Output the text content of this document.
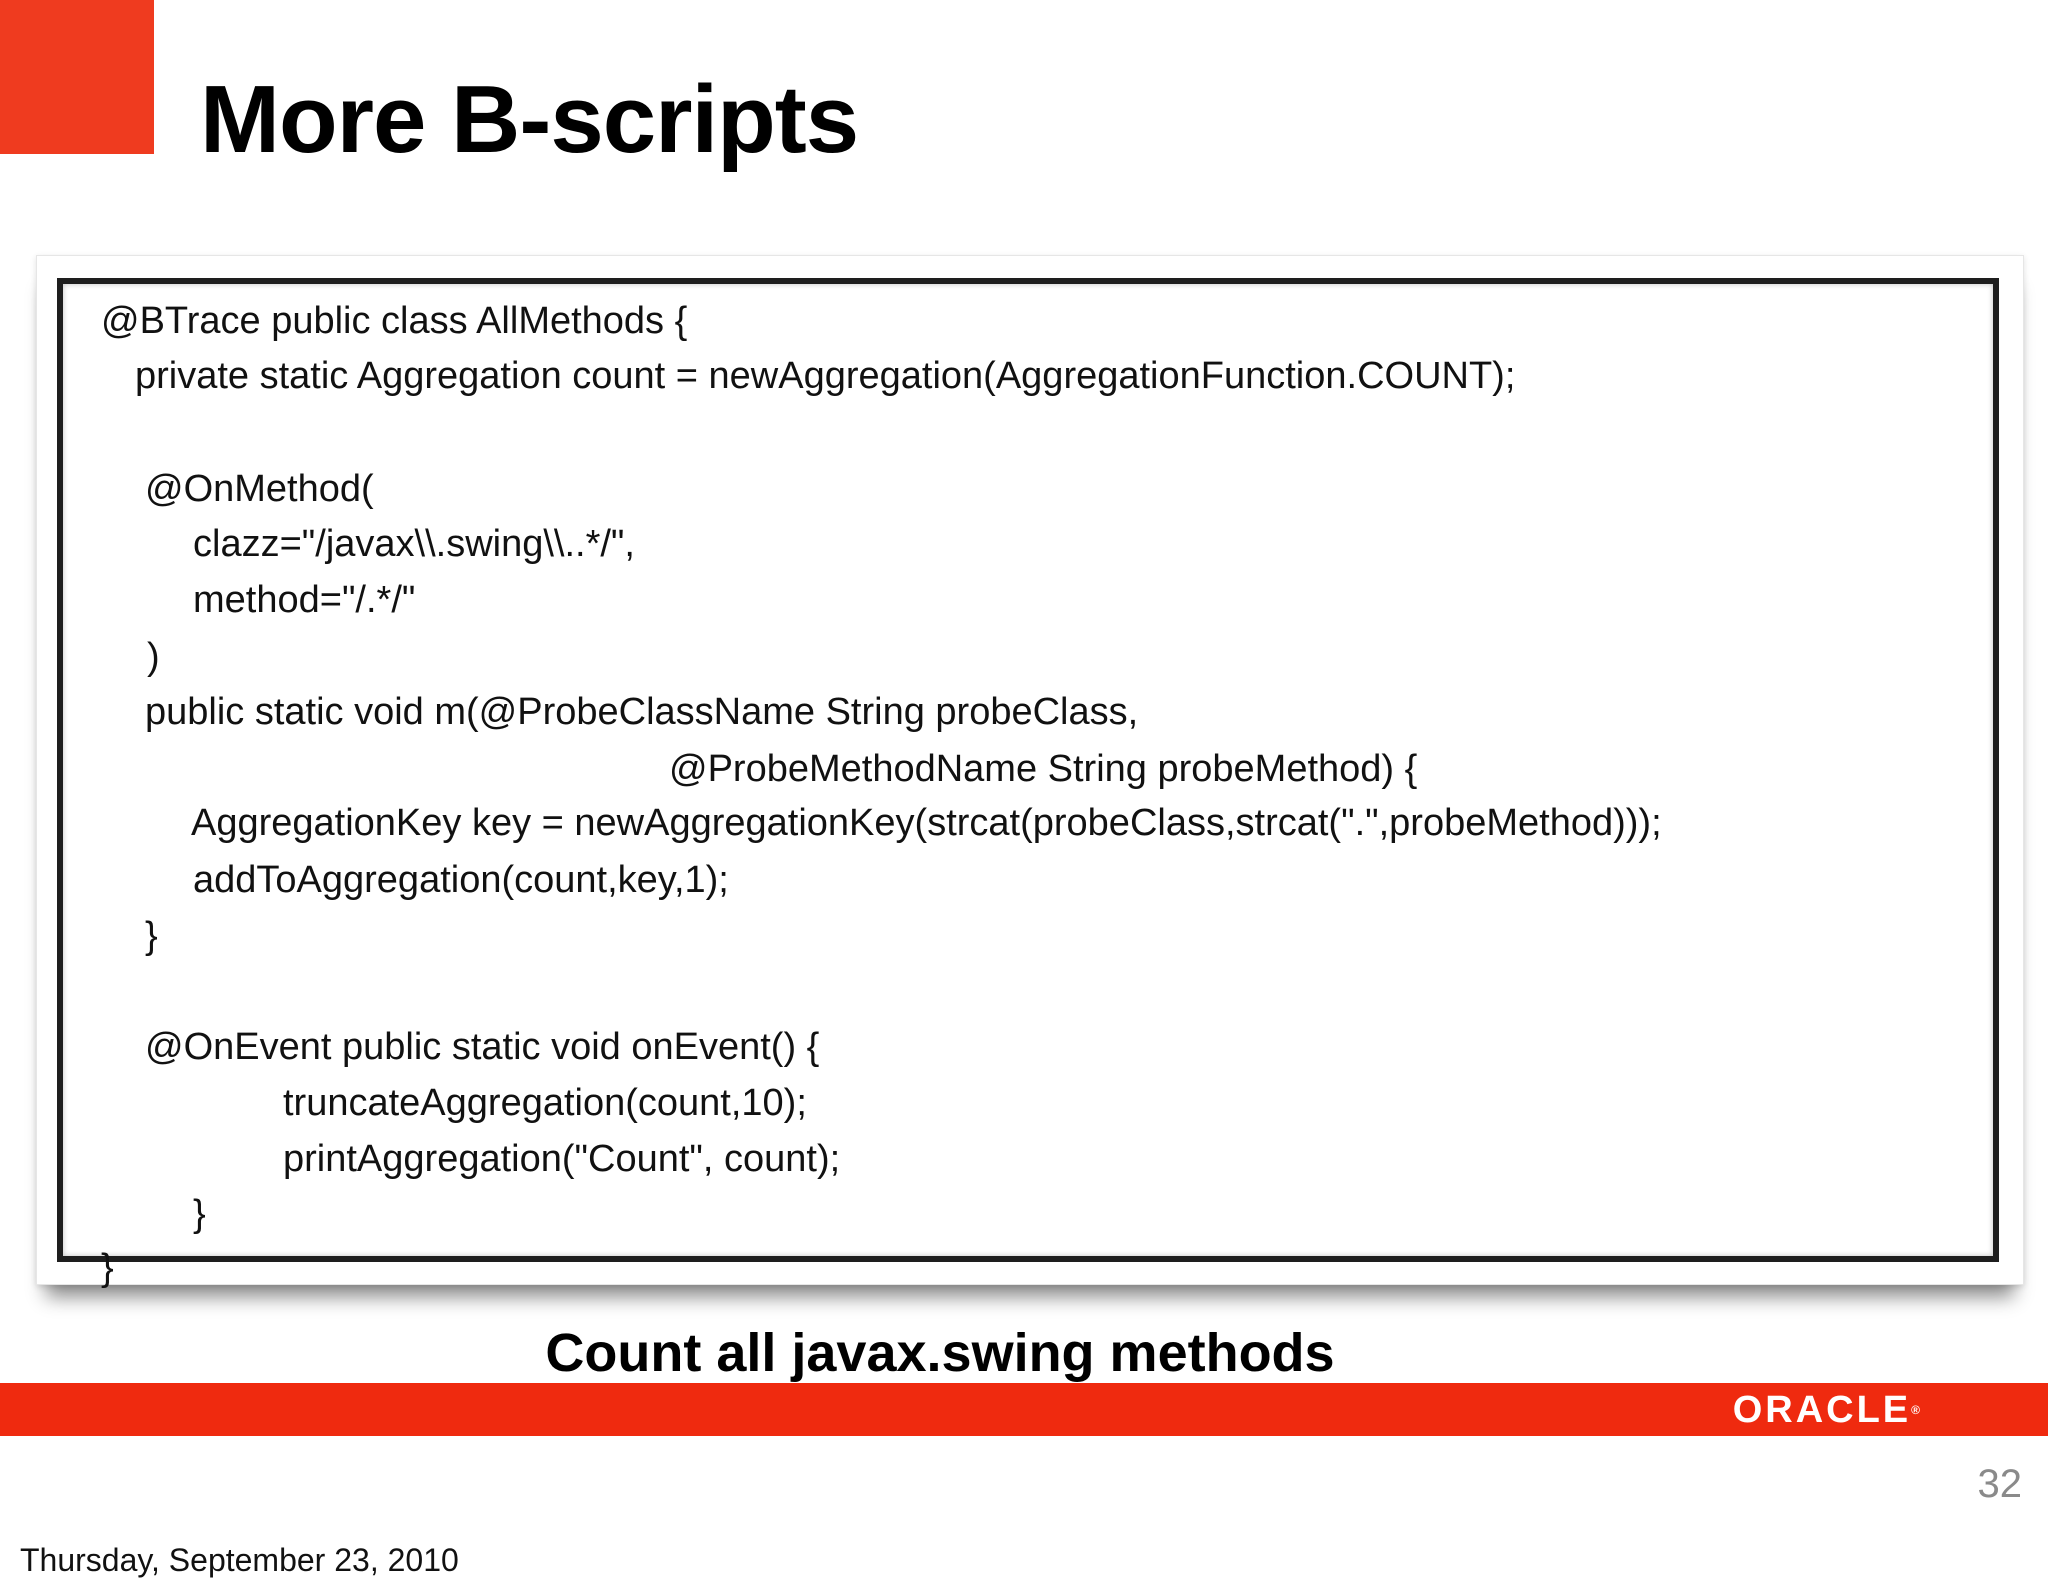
More B-scripts
@BTrace public class AllMethods {
private static Aggregation count = newAggregation(AggregationFunction.COUNT);
@OnMethod(
clazz="/javax\\.swing\\..*/",
method="/.*/"
)
public static void m(@ProbeClassName String probeClass,
@ProbeMethodName String probeMethod) {
AggregationKey key = newAggregationKey(strcat(probeClass,strcat(".",probeMethod)));
addToAggregation(count,key,1);
}
@OnEvent public static void onEvent() {
truncateAggregation(count,10);
printAggregation("Count", count);
}
}

Count all javax.swing methods

ORACLE®
32
Thursday, September 23, 2010
